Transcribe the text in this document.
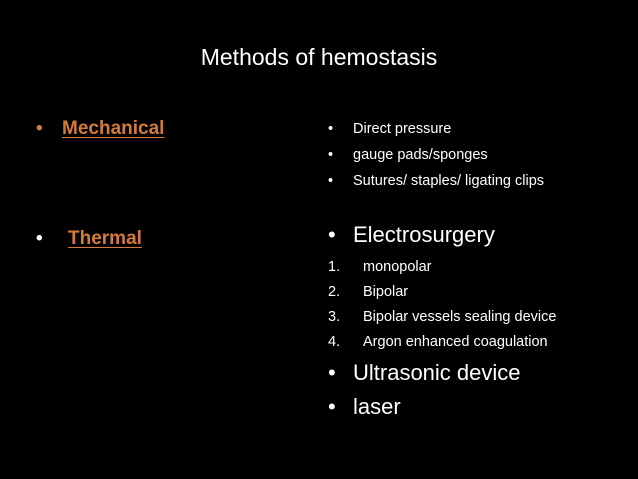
Methods of hemostasis
•	Mechanical
•	Thermal
•	Direct pressure
•	gauge pads/sponges
•	Sutures/ staples/ ligating clips
• Electrosurgery
1.	monopolar
2.	Bipolar
3.	Bipolar vessels sealing device
4.	Argon enhanced coagulation
• Ultrasonic device
• laser
